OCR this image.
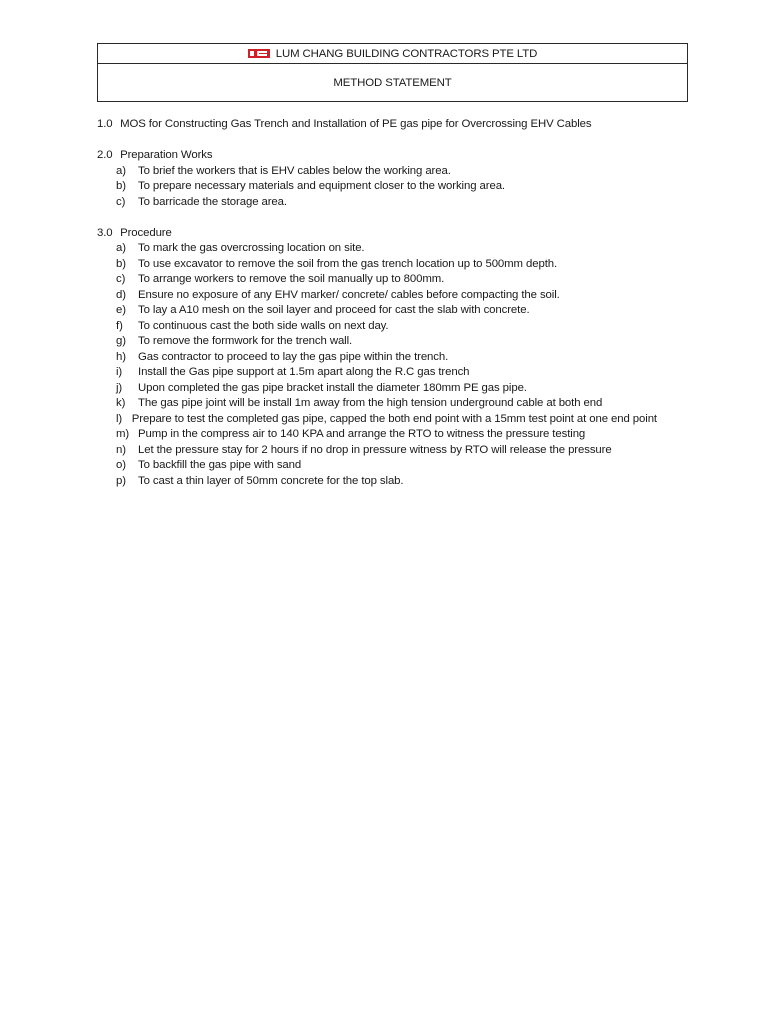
LUM CHANG BUILDING CONTRACTORS PTE LTD
METHOD STATEMENT
1.0 MOS for Constructing Gas Trench and Installation of PE gas pipe for Overcrossing EHV Cables
2.0 Preparation Works
a)	To brief the workers that is EHV cables below the working area.
b)	To prepare necessary materials and equipment closer to the working area.
c)	To barricade the storage area.
3.0 Procedure
a)	To mark the gas overcrossing location on site.
b)	To use excavator to remove the soil from the gas trench location up to 500mm depth.
c)	To arrange workers to remove the soil manually up to 800mm.
d)	Ensure no exposure of any EHV marker/ concrete/ cables before compacting the soil.
e)	To lay a A10 mesh on the soil layer and proceed for cast the slab with concrete.
f)	To continuous cast the both side walls on next day.
g)	To remove the formwork for the trench wall.
h)	Gas contractor to proceed to lay the gas pipe within the trench.
i)	Install the Gas pipe support at 1.5m apart along the R.C gas trench
j)	Upon completed the gas pipe bracket install the diameter 180mm PE gas pipe.
k)	The gas pipe joint will be install 1m away from the high tension underground cable at both end
l) Prepare to test the completed gas pipe, capped the both end point with a 15mm test point at one end point
m) Pump in the compress air to 140 KPA and arrange the RTO to witness the pressure testing
n)	Let the pressure stay for 2 hours if no drop in pressure witness by RTO will release the pressure
o)	To backfill the gas pipe with sand
p)	To cast a thin layer of 50mm concrete for the top slab.
